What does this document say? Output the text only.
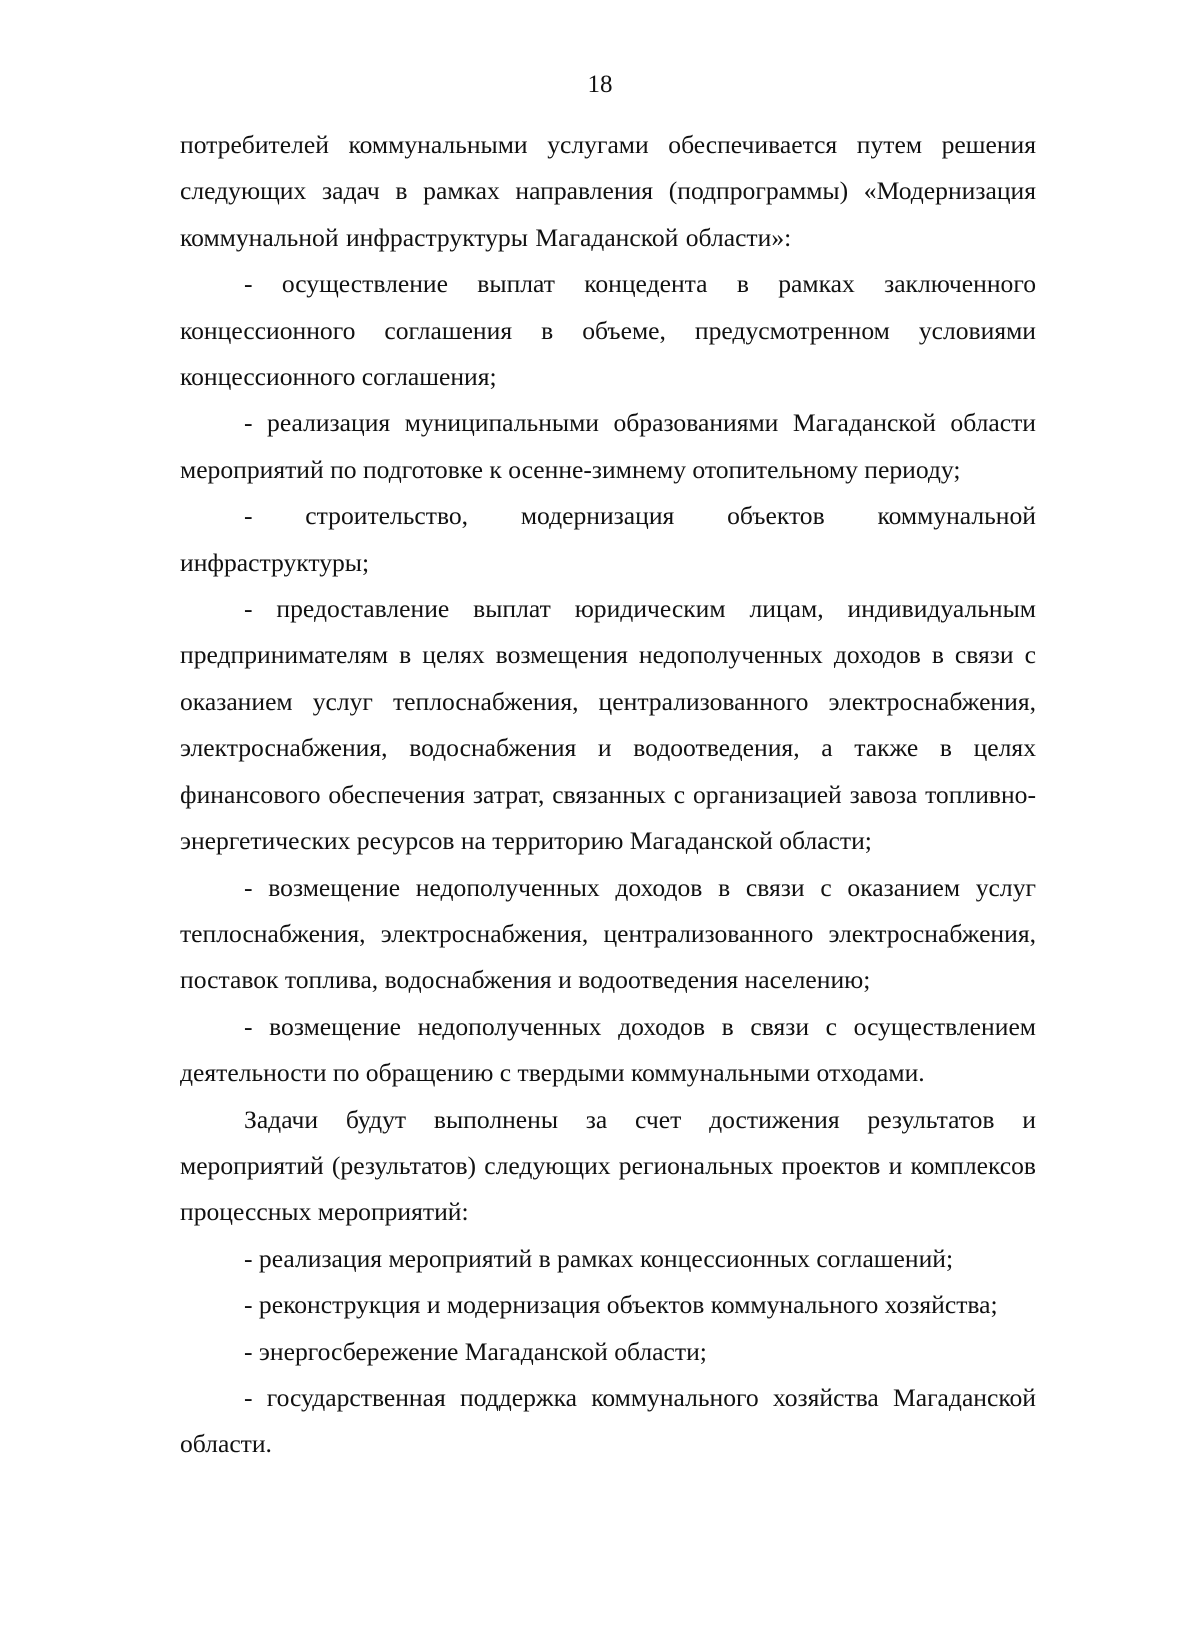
18

потребителей коммунальными услугами обеспечивается путем решения следующих задач в рамках направления (подпрограммы) «Модернизация коммунальной инфраструктуры Магаданской области»:

- осуществление выплат концедента в рамках заключенного концессионного соглашения в объеме, предусмотренном условиями концессионного соглашения;

- реализация муниципальными образованиями Магаданской области мероприятий по подготовке к осенне-зимнему отопительному периоду;

- строительство, модернизация объектов коммунальной инфраструктуры;

- предоставление выплат юридическим лицам, индивидуальным предпринимателям в целях возмещения недополученных доходов в связи с оказанием услуг теплоснабжения, централизованного электроснабжения, электроснабжения, водоснабжения и водоотведения, а также в целях финансового обеспечения затрат, связанных с организацией завоза топливно-энергетических ресурсов на территорию Магаданской области;

- возмещение недополученных доходов в связи с оказанием услуг теплоснабжения, электроснабжения, централизованного электроснабжения, поставок топлива, водоснабжения и водоотведения населению;

- возмещение недополученных доходов в связи с осуществлением деятельности по обращению с твердыми коммунальными отходами.

Задачи будут выполнены за счет достижения результатов и мероприятий (результатов) следующих региональных проектов и комплексов процессных мероприятий:

- реализация мероприятий в рамках концессионных соглашений;

- реконструкция и модернизация объектов коммунального хозяйства;

- энергосбережение Магаданской области;

- государственная поддержка коммунального хозяйства Магаданской области.
